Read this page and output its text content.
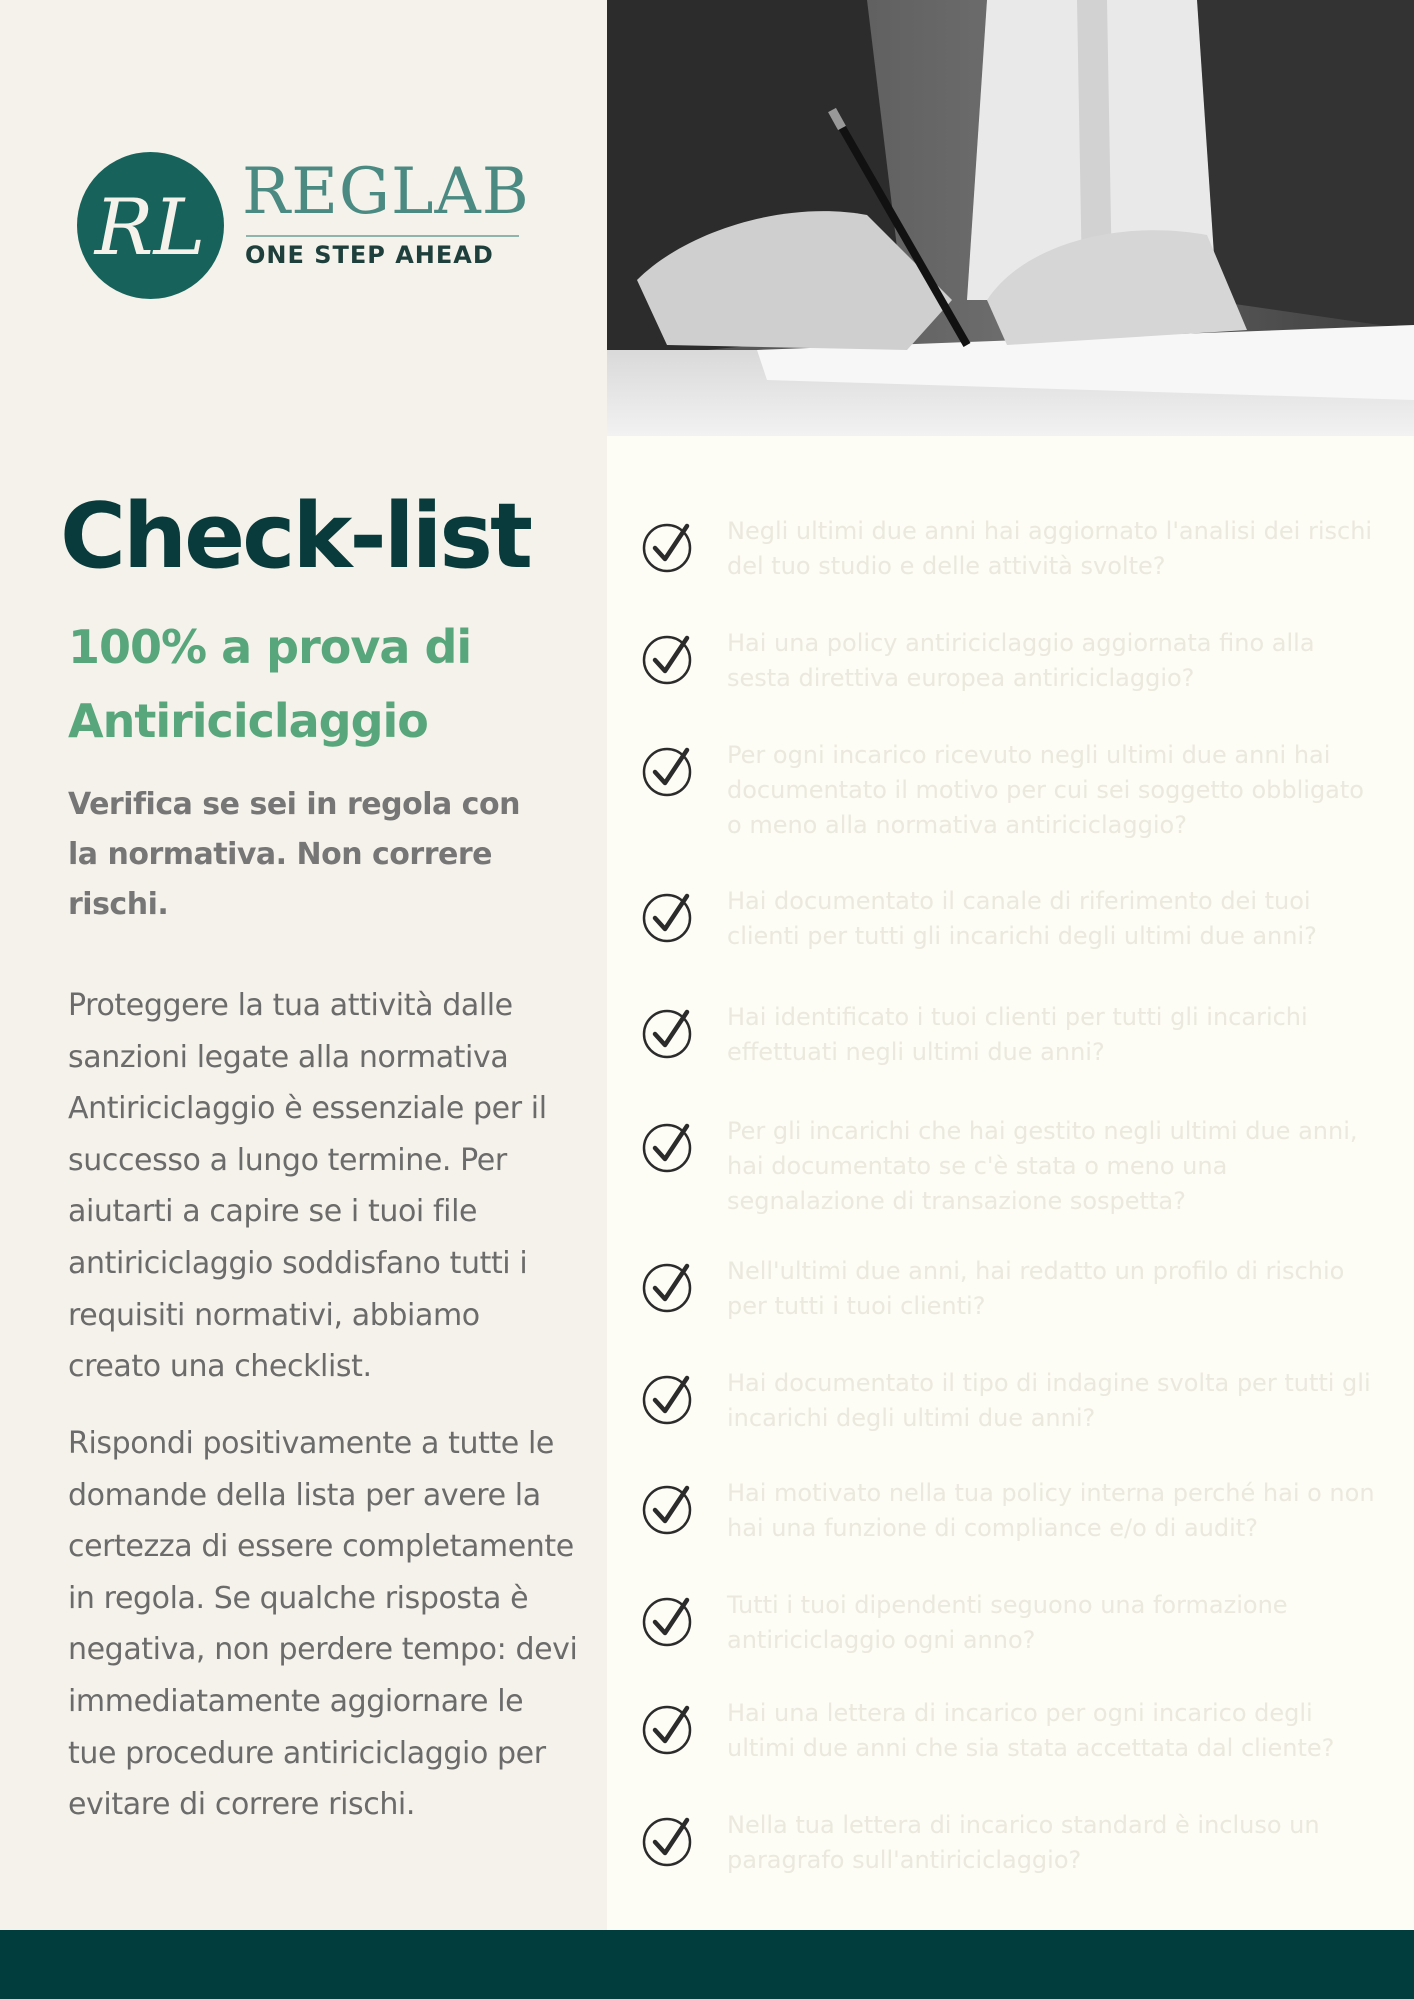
RL REGLAB
ONE STEP AHEAD
Check-list
100% a prova di Antiriciclaggio
Verifica se sei in regola con la normativa. Non correre rischi.
Proteggere la tua attività dalle sanzioni legate alla normativa Antiriciclaggio è essenziale per il successo a lungo termine. Per aiutarti a capire se i tuoi file antiriciclaggio soddisfano tutti i requisiti normativi, abbiamo creato una checklist.
Rispondi positivamente a tutte le domande della lista per avere la certezza di essere completamente in regola. Se qualche risposta è negativa, non perdere tempo: devi immediatamente aggiornare le tue procedure antiriciclaggio per evitare di correre rischi.
Negli ultimi due anni hai aggiornato l'analisi dei rischi del tuo studio e delle attività svolte?
Hai una policy antiriciclaggio aggiornata fino alla sesta direttiva europea antiriciclaggio?
Per ogni incarico ricevuto negli ultimi due anni hai documentato il motivo per cui sei soggetto obbligato o meno alla normativa antiriciclaggio?
Hai documentato il canale di riferimento dei tuoi clienti per tutti gli incarichi degli ultimi due anni?
Hai identificato i tuoi clienti per tutti gli incarichi effettuati negli ultimi due anni?
Per gli incarichi che hai gestito negli ultimi due anni, hai documentato se c'è stata o meno una segnalazione di transazione sospetta?
Nell'ultimi due anni, hai redatto un profilo di rischio per tutti i tuoi clienti?
Hai documentato il tipo di indagine svolta per tutti gli incarichi degli ultimi due anni?
Hai motivato nella tua policy interna perché hai o non hai una funzione di compliance e/o di audit?
Tutti i tuoi dipendenti seguono una formazione antiriciclaggio ogni anno?
Hai una lettera di incarico per ogni incarico degli ultimi due anni che sia stata accettata dal cliente?
Nella tua lettera di incarico standard è incluso un paragrafo sull'antiriciclaggio?
